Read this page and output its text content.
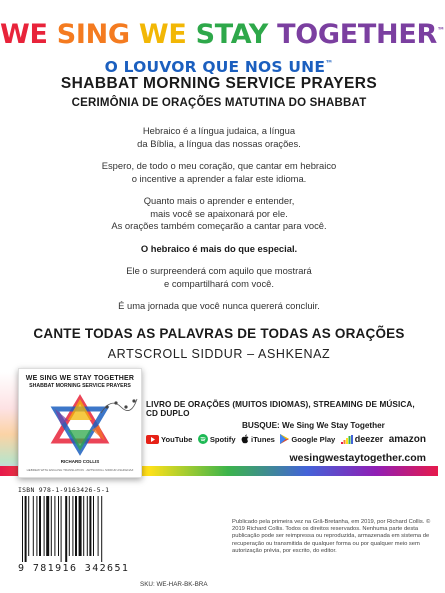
WE SING WE STAY TOGETHER™
O LOUVOR QUE NOS UNE™
SHABBAT MORNING SERVICE PRAYERS
CERIMÔNIA DE ORAÇÕES MATUTINA DO SHABBAT
Hebraico é a língua judaica, a língua
da Bíblia, a língua das nossas orações.
Espero, de todo o meu coração, que cantar em hebraico
o incentive a aprender a falar este idioma.
Quanto mais o aprender e entender,
mais você se apaixonará por ele.
As orações também começarão a cantar para você.
O hebraico é mais do que especial.
Ele o surpreenderá com aquilo que mostrará
e compartilhará com você.
É uma jornada que você nunca quererá concluir.
CANTE TODAS AS PALAVRAS DE TODAS AS ORAÇÕES
ARTSCROLL SIDDUR – ASHKENAZ
WE SING WE STAY TOGETHER
SHABBAT MORNING SERVICE PRAYERS
RICHARD COLLIS
HEBREW WITH ENGLISH TRANSLATION · ARTSCROLL SIDDUR ASHKENAZ
LIVRO DE ORAÇÕES (MUITOS IDIOMAS), STREAMING DE MÚSICA, CD DUPLO
BUSQUE: We Sing We Stay Together
YouTube Spotify iTunes Google Play deezer amazon
wesingwestaytogether.com
ISBN 978-1-9163426-5-1
9 781916 342651
SKU: WE-HAR-BK-BRA
Publicado pela primeira vez na Grã-Bretanha, em 2019, por Richard Collis. © 2019 Richard Collis. Todos os direitos reservados. Nenhuma parte desta publicação pode ser reimpressa ou reproduzida, armazenada em sistema de recuperação ou transmitida de qualquer forma ou por qualquer meio sem autorização prévia, por escrito, do editor.
